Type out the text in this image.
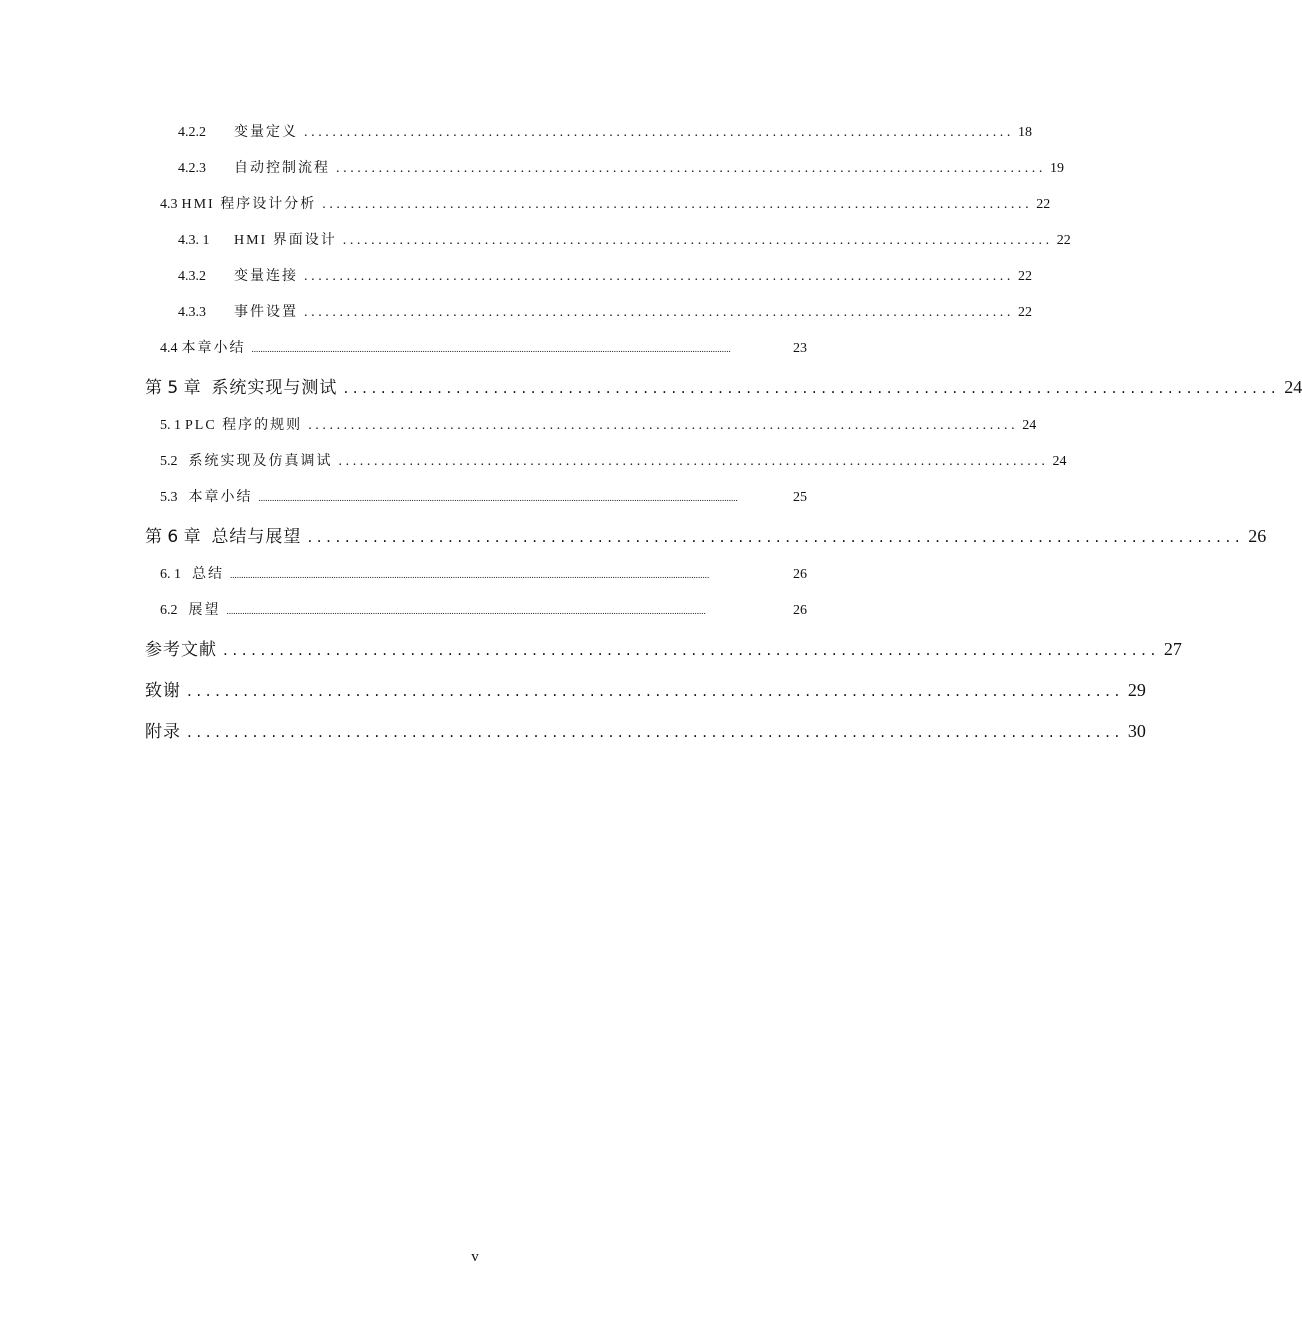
4.2.2 变量定义 .................................................................................................... 18
4.2.3 自动控制流程 .................................................................................................... 19
4.3 HMI 程序设计分析 .................................................................................................... 22
4.3. 1 HMI 界面设计 .................................................................................................... 22
4.3.2 变量连接 .................................................................................................... 22
4.3.3 事件设置 .................................................................................................... 22
4.4 本章小结 .....................................................................................................................................................................................................................	23
第 5 章 系统实现与测试 .................................................................................................... 24
5. 1 PLC 程序的规则 .................................................................................................... 24
5.2 系统实现及仿真调试 .................................................................................................... 24
5.3 本章小结 .....................................................................................................................................................................................................................	25
第 6 章 总结与展望 .................................................................................................... 26
6. 1 总结 .....................................................................................................................................................................................................................	26
6.2 展望 .....................................................................................................................................................................................................................	26
参考文献 .................................................................................................... 27
致谢 .................................................................................................... 29
附录 .................................................................................................... 30
v
